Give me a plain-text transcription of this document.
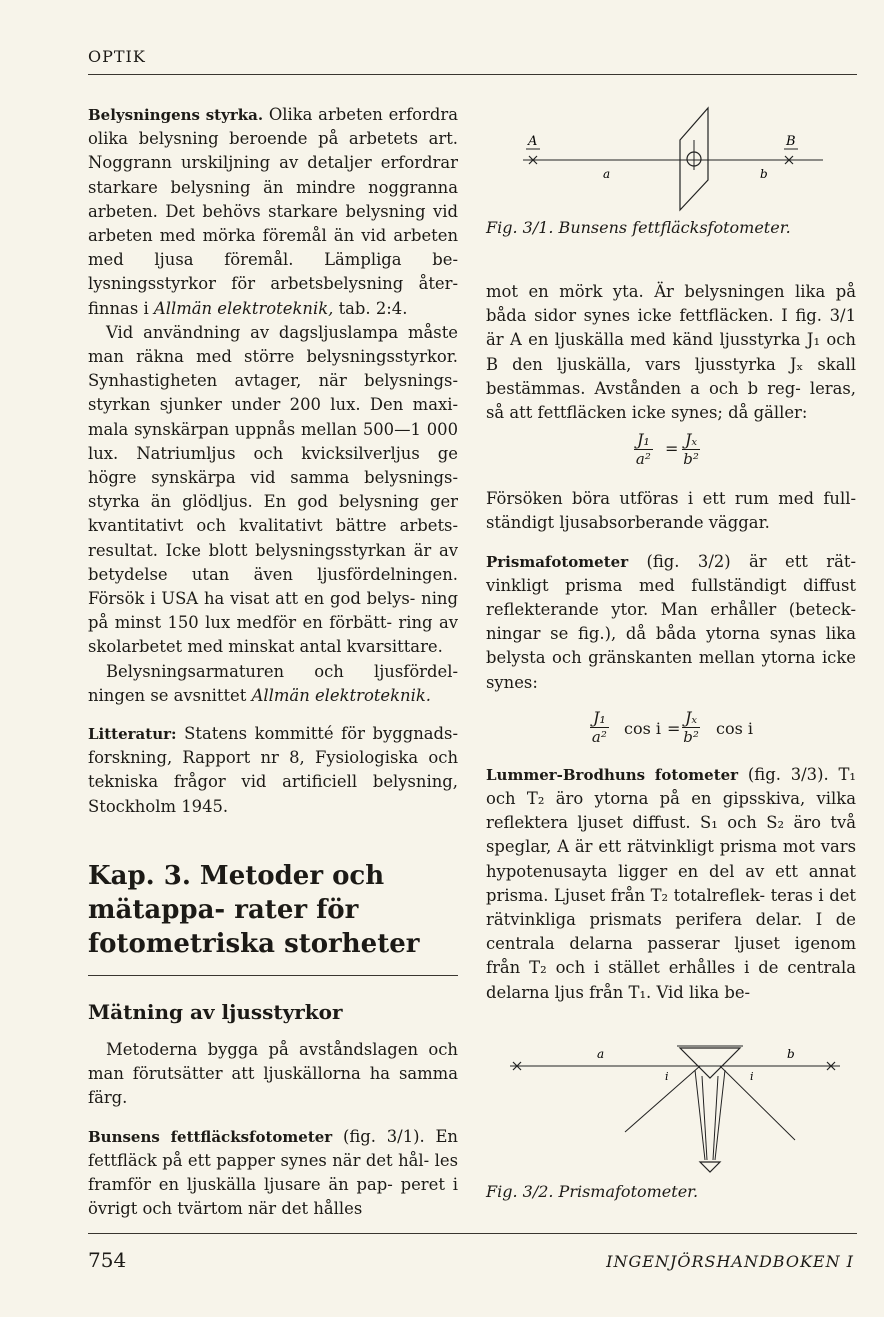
OPTIK

Belysningens styrka. Olika arbeten erfordra olika belysning beroende på arbetets art. Noggrann urskiljning av detaljer erfordrar starkare belysning än mindre noggranna arbeten. Det behövs starkare belysning vid arbeten med mörka föremål än vid arbeten med ljusa föremål. Lämpliga be- lysningsstyrkor för arbetsbelysning åter- finnas i Allmän elektroteknik, tab. 2:4.

Vid användning av dagsljuslampa måste man räkna med större belysningsstyrkor. Synhastigheten avtager, när belysnings- styrkan sjunker under 200 lux. Den maxi- mala synskärpan uppnås mellan 500—1 000 lux. Natriumljus och kvicksilverljus ge högre synskärpa vid samma belysnings- styrka än glödljus. En god belysning ger kvantitativt och kvalitativt bättre arbets- resultat. Icke blott belysningsstyrkan är av betydelse utan även ljusfördelningen. Försök i USA ha visat att en god belys- ning på minst 150 lux medför en förbätt- ring av skolarbetet med minskat antal kvarsittare.

Belysningsarmaturen och ljusfördel- ningen se avsnittet Allmän elektroteknik.

Litteratur: Statens kommitté för byggnads- forskning, Rapport nr 8, Fysiologiska och tekniska frågor vid artificiell belysning, Stockholm 1945.

Kap. 3. Metoder och mätappa- rater för fotometriska storheter
Mätning av ljusstyrkor

Metoderna bygga på avståndslagen och man förutsätter att ljuskällorna ha samma färg.

Bunsens fettfläcksfotometer (fig. 3/1). En fettfläck på ett papper synes när det hål- les framför en ljuskälla ljusare än pap- peret i övrigt och tvärtom när det hålles

A
a	b
B
Fig. 3/1. Bunsens fettfläcksfotometer.

mot en mörk yta. Är belysningen lika på båda sidor synes icke fettfläcken. I fig. 3/1 är A en ljuskälla med känd ljusstyrka J₁ och B den ljuskälla, vars ljusstyrka Jₓ skall bestämmas. Avstånden a och b reg- leras, så att fettfläcken icke synes; då gäller:

$\frac{\text{J₁}}{\text{a²}} = \frac{\text{Jₓ}}{\text{b²}}$

Försöken böra utföras i ett rum med full- ständigt ljusabsorberande väggar.

Prismafotometer (fig. 3/2) är ett rät- vinkligt prisma med fullständigt diffust reflekterande ytor. Man erhåller (beteck- ningar se fig.), då båda ytorna synas lika belysta och gränskanten mellan ytorna icke synes:

$\frac{\text{J₁}}{\text{a²}}$ $\cos i = \frac{\text{Jₓ}}{\text{b²}}$ cos i

Lummer-Brodhuns fotometer (fig. 3/3). T₁ och T₂ äro ytorna på en gipsskiva, vilka reflektera ljuset diffust. S₁ och S₂ äro två speglar, A är ett rätvinkligt prisma mot vars hypotenusayta ligger en del av ett annat prisma. Ljuset från T₂ totalreflek- teras i det rätvinkliga prismats perifera delar. I de centrala delarna passerar ljuset igenom från T₂ och i stället erhålles i de centrala delarna ljus från T₁. Vid lika be-

a	b
i	i
Fig. 3/2. Prismafotometer.
754	INGENJÖRSHANDBOKEN I
